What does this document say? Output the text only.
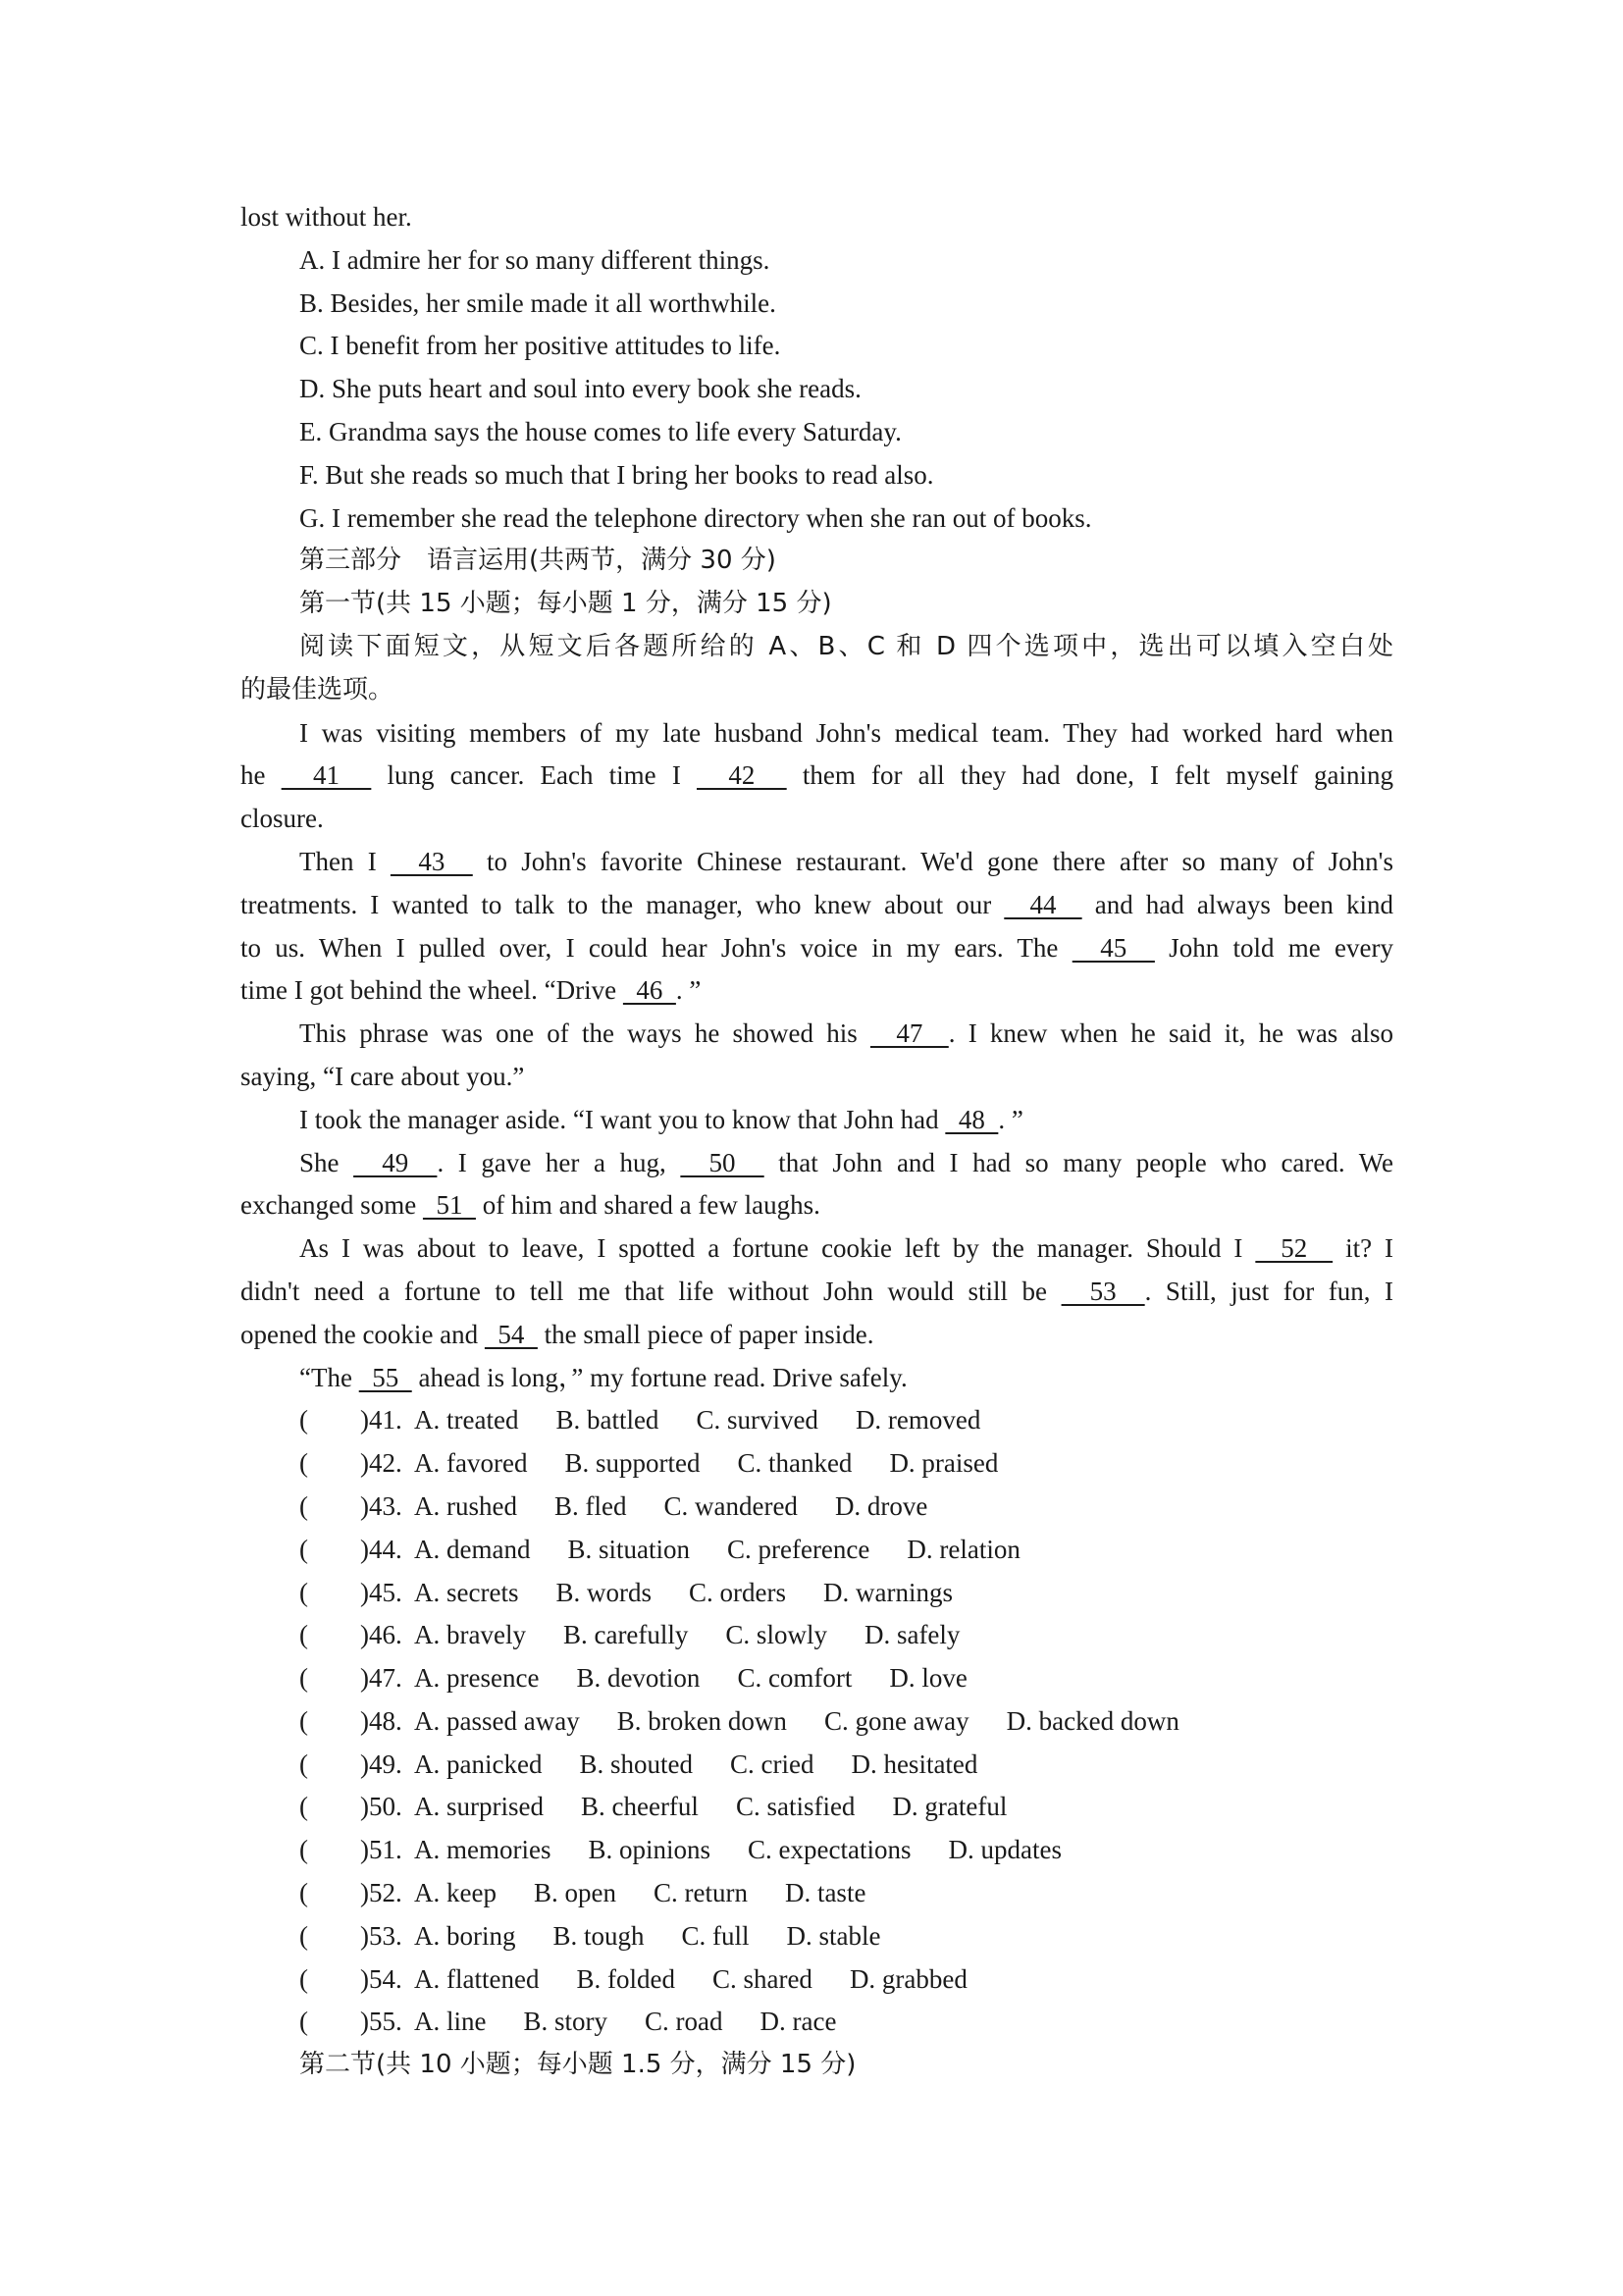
lost without her.
A. I admire her for so many different things.
B. Besides, her smile made it all worthwhile.
C. I benefit from her positive attitudes to life.
D. She puts heart and soul into every book she reads.
E. Grandma says the house comes to life every Saturday.
F. But she reads so much that I bring her books to read also.
G. I remember she read the telephone directory when she ran out of books.
第三部分　语言运用(共两节，满分 30 分)
第一节(共 15 小题；每小题 1 分，满分 15 分)
阅读下面短文，从短文后各题所给的 A、B、C 和 D 四个选项中，选出可以填入空白处
的最佳选项。
I was visiting members of my late husband John's medical team. They had worked hard when
he   41   lung cancer. Each time I   42   them for all they had done, I felt myself gaining
closure.
Then I   43   to John's favorite Chinese restaurant. We'd gone there after so many of John's
treatments. I wanted to talk to the manager, who knew about our   44   and had always been kind
to us. When I pulled over, I could hear John's voice in my ears. The   45   John told me every
time I got behind the wheel. “Drive   46  . ”
This phrase was one of the ways he showed his   47  . I knew when he said it, he was also
saying, “I care about you.”
I took the manager aside. “I want you to know that John had   48  . ”
She   49  . I gave her a hug,   50   that John and I had so many people who cared. We
exchanged some   51   of him and shared a few laughs.
As I was about to leave, I spotted a fortune cookie left by the manager. Should I   52   it? I
didn't need a fortune to tell me that life without John would still be   53  . Still, just for fun, I
opened the cookie and   54   the small piece of paper inside.
“The   55   ahead is long，” my fortune read. Drive safely.
(	)41. A. treated B. battled C. survived D. removed
(	)42. A. favored B. supported C. thanked D. praised
(	)43. A. rushed B. fled C. wandered D. drove
(	)44. A. demand B. situation C. preference D. relation
(	)45. A. secrets B. words C. orders D. warnings
(	)46. A. bravely B. carefully C. slowly D. safely
(	)47. A. presence B. devotion C. comfort D. love
(	)48. A. passed away B. broken down C. gone away D. backed down
(	)49. A. panicked B. shouted C. cried D. hesitated
(	)50. A. surprised B. cheerful C. satisfied D. grateful
(	)51. A. memories B. opinions C. expectations D. updates
(	)52. A. keep B. open C. return D. taste
(	)53. A. boring B. tough C. full D. stable
(	)54. A. flattened B. folded C. shared D. grabbed
(	)55. A. line B. story C. road D. race
第二节(共 10 小题；每小题 1.5 分，满分 15 分)
